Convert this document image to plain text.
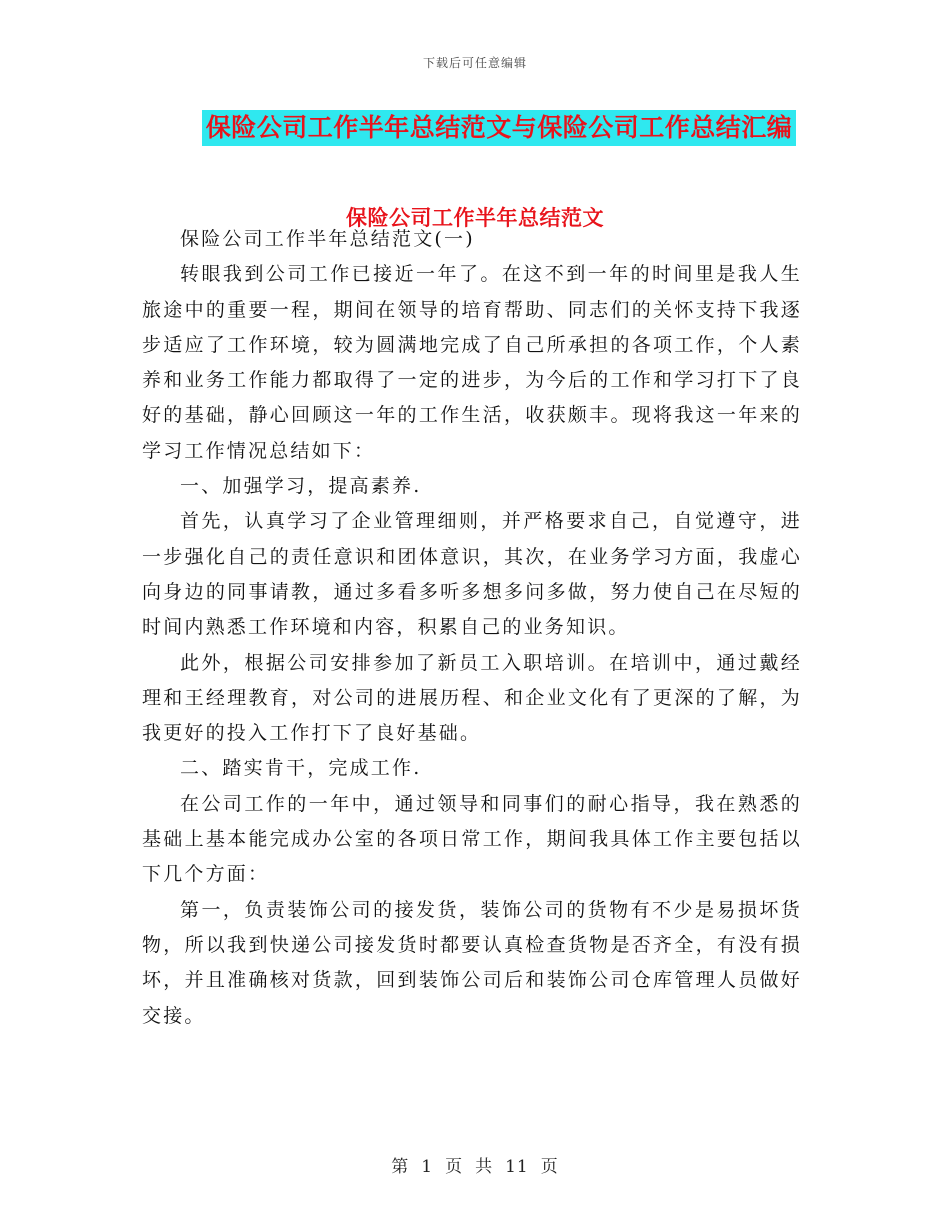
下载后可任意编辑
保险公司工作半年总结范文与保险公司工作总结汇编
保险公司工作半年总结范文

保险公司工作半年总结范文(一)

转眼我到公司工作已接近一年了。在这不到一年的时间里是我人生旅途中的重要一程，期间在领导的培育帮助、同志们的关怀支持下我逐步适应了工作环境，较为圆满地完成了自己所承担的各项工作，个人素养和业务工作能力都取得了一定的进步，为今后的工作和学习打下了良好的基础，静心回顾这一年的工作生活，收获颇丰。现将我这一年来的学习工作情况总结如下：

一、加强学习，提高素养.

首先，认真学习了企业管理细则，并严格要求自己，自觉遵守，进一步强化自己的责任意识和团体意识，其次，在业务学习方面，我虚心向身边的同事请教，通过多看多听多想多问多做，努力使自己在尽短的时间内熟悉工作环境和内容，积累自己的业务知识。

此外，根据公司安排参加了新员工入职培训。在培训中，通过戴经理和王经理教育，对公司的进展历程、和企业文化有了更深的了解，为我更好的投入工作打下了良好基础。

二、踏实肯干，完成工作.

在公司工作的一年中，通过领导和同事们的耐心指导，我在熟悉的基础上基本能完成办公室的各项日常工作，期间我具体工作主要包括以下几个方面：

第一，负责装饰公司的接发货，装饰公司的货物有不少是易损坏货物，所以我到快递公司接发货时都要认真检查货物是否齐全，有没有损坏，并且准确核对货款，回到装饰公司后和装饰公司仓库管理人员做好交接。

第 1 页 共 11 页
